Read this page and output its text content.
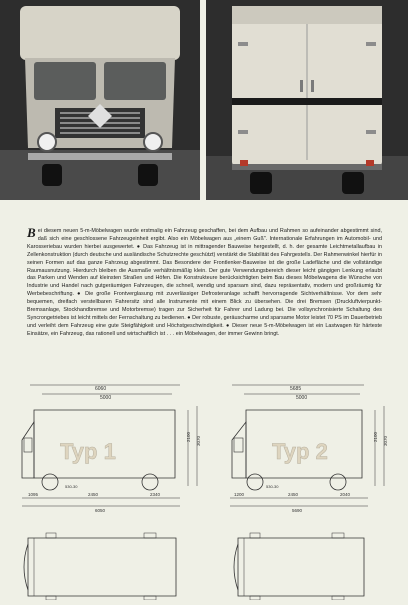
Bei diesem neuen 5-m-Möbelwagen wurde erstmalig ein Fahrzeug geschaffen, bei dem Aufbau und Rahmen so aufeinander abgestimmt sind, daß sich eine geschlossene Fahrzeugeinheit ergibt. Also ein Möbelwagen aus „einem Guß". Internationale Erfahrungen im Automobil- und Karosseriebau wurden hierbei ausgewertet. ● Das Fahrzeug ist in mittragender Bauweise hergestellt, d. h. der gesamte Leichtmetallaufbau in Zellenkonstruktion (durch deutsche und ausländische Schutzrechte geschützt) verstärkt die Stabilität des Fahrgestells. Der Rahmenwinkel hierfür in seinen Formen auf das ganze Fahrzeug abgestimmt. Das Besondere der Frontlenker-Bauweise ist die große Ladefläche und die vollständige Raumausnutzung. Hierdurch bleiben die Ausmaße verhältnismäßig klein. Der gute Verwendungsbereich dieser leicht gängigen Lenkung erlaubt das Parken und Wenden auf kleinsten Straßen und Höfen. Die Konstrukteure berücksichtigten beim Bau dieses Möbelwagens die Wünsche von Industrie und Handel nach gutgeräumigen Fahrzeugen, die schnell, wendig und sparsam sind, dazu repräsentativ, modern und großräumig für Werbebeschriftung. ● Die große Frontverglasung mit zuverlässiger Defrosteranlage schafft hervorragende Sichtverhältnisse. Vor dem sehr bequemen, dreifach verstellbaren Fahrersitz sind alle Instrumente mit einem Blick zu übersehen. Die drei Bremsen (Druckluftvierpunkt-Bremsanlage, Stockhandbremse und Motorbremse) tragen zur Sicherheit für Fahrer und Ladung bei. Die vollsynchronisierte Schaltung des Syncrongetriebes ist leicht mittels der Fernschaltung zu bedienen. ● Der robuste, geräuscharme und sparsame Motor leistet 70 PS im Dauerbetrieb und verleiht dem Fahrzeug eine gute Steigfähigkeit und Höchstgeschwindigkeit. ● Dieser neue 5-m-Möbelwagen ist ein Lastwagen für härteste Einsätze, ein Fahrzeug, das rationell und wirtschaftlich ist . . . ein Möbelwagen, der immer Gewinn bringt.
Typ 1
6060
5000
2100 3070
1095	2450	2340
6050
530-30
Typ 2
5685
5000
2100 3070
1200	2450	2040
5690
530-30
